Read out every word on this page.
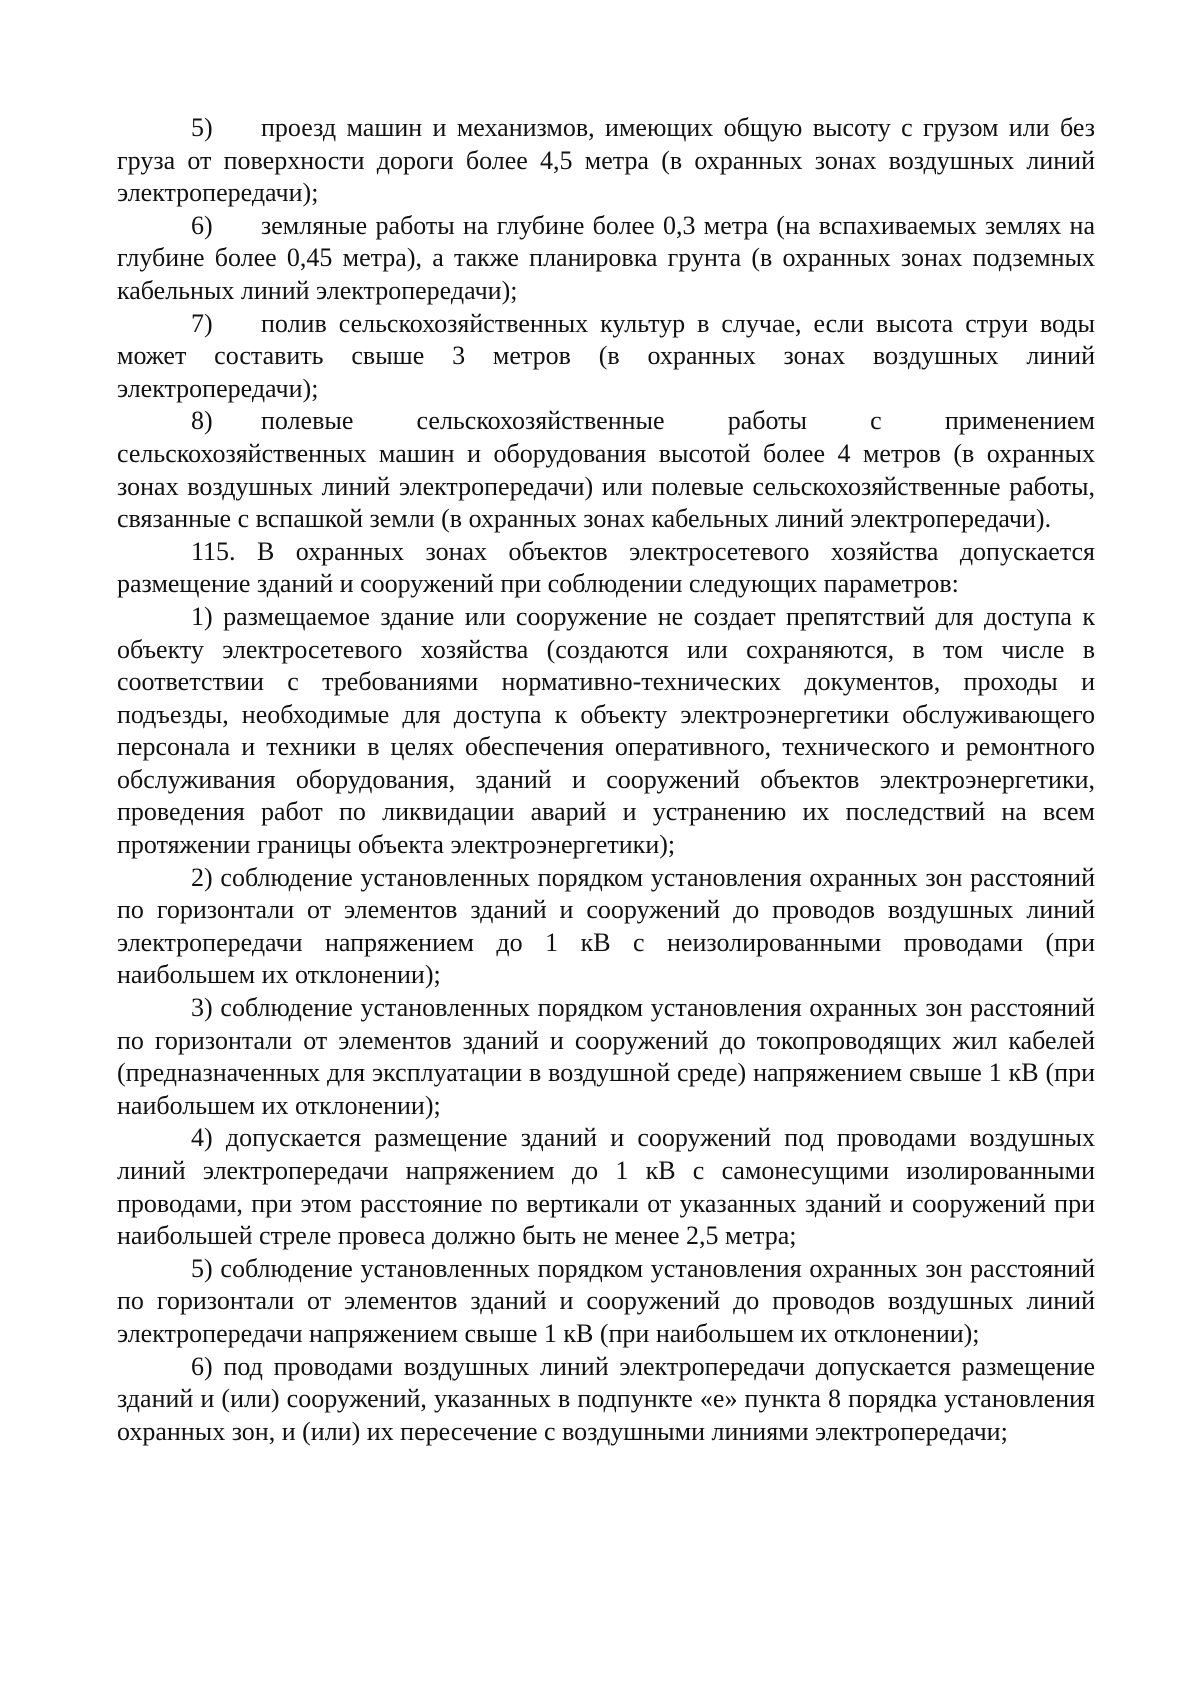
5) проезд машин и механизмов, имеющих общую высоту с грузом или без груза от поверхности дороги более 4,5 метра (в охранных зонах воздушных линий электропередачи);

6) земляные работы на глубине более 0,3 метра (на вспахиваемых землях на глубине более 0,45 метра), а также планировка грунта (в охранных зонах подземных кабельных линий электропередачи);

7) полив сельскохозяйственных культур в случае, если высота струи воды может составить свыше 3 метров (в охранных зонах воздушных линий электропередачи);

8) полевые сельскохозяйственные работы с применением
сельскохозяйственных машин и оборудования высотой более 4 метров (в охранных зонах воздушных линий электропередачи) или полевые сельскохозяйственные работы, связанные с вспашкой земли (в охранных зонах кабельных линий электропередачи).

115. В охранных зонах объектов электросетевого хозяйства допускается размещение зданий и сооружений при соблюдении следующих параметров:

1) размещаемое здание или сооружение не создает препятствий для доступа к объекту электросетевого хозяйства (создаются или сохраняются, в том числе в соответствии с требованиями нормативно-технических документов, проходы и подъезды, необходимые для доступа к объекту электроэнергетики обслуживающего персонала и техники в целях обеспечения оперативного, технического и ремонтного обслуживания оборудования, зданий и сооружений объектов электроэнергетики, проведения работ по ликвидации аварий и устранению их последствий на всем протяжении границы объекта электроэнергетики);

2) соблюдение установленных порядком установления охранных зон расстояний по горизонтали от элементов зданий и сооружений до проводов воздушных линий электропередачи напряжением до 1 кВ с неизолированными проводами (при наибольшем их отклонении);

3) соблюдение установленных порядком установления охранных зон расстояний по горизонтали от элементов зданий и сооружений до токопроводящих жил кабелей (предназначенных для эксплуатации в воздушной среде) напряжением свыше 1 кВ (при наибольшем их отклонении);

4) допускается размещение зданий и сооружений под проводами воздушных линий электропередачи напряжением до 1 кВ с самонесущими изолированными проводами, при этом расстояние по вертикали от указанных зданий и сооружений при наибольшей стреле провеса должно быть не менее 2,5 метра;

5) соблюдение установленных порядком установления охранных зон расстояний по горизонтали от элементов зданий и сооружений до проводов воздушных линий электропередачи напряжением свыше 1 кВ (при наибольшем их отклонении);

6) под проводами воздушных линий электропередачи допускается размещение зданий и (или) сооружений, указанных в подпункте «е» пункта 8 порядка установления охранных зон, и (или) их пересечение с воздушными линиями электропередачи;
